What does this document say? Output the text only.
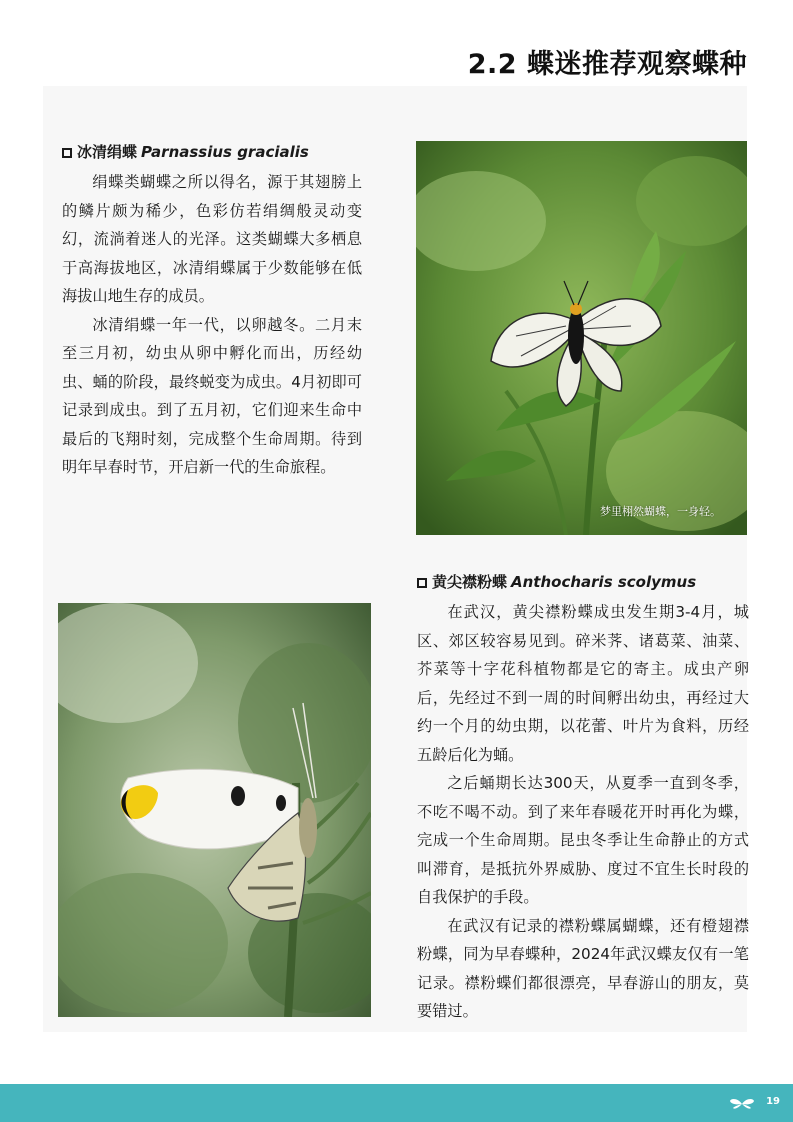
2.2 蝶迷推荐观察蝶种
冰清绢蝶 Parnassius gracialis

绢蝶类蝴蝶之所以得名，源于其翅膀上的鳞片颇为稀少，色彩仿若绢绸般灵动变幻，流淌着迷人的光泽。这类蝴蝶大多栖息于高海拔地区，冰清绢蝶属于少数能够在低海拔山地生存的成员。

冰清绢蝶一年一代，以卵越冬。二月末至三月初，幼虫从卵中孵化而出，历经幼虫、蛹的阶段，最终蜕变为成虫。4月初即可记录到成虫。到了五月初，它们迎来生命中最后的飞翔时刻，完成整个生命周期。待到明年早春时节，开启新一代的生命旅程。

梦里栩然蝴蝶，一身轻。
黄尖襟粉蝶 Anthocharis scolymus

在武汉，黄尖襟粉蝶成虫发生期3-4月，城区、郊区较容易见到。碎米荠、诸葛菜、油菜、芥菜等十字花科植物都是它的寄主。成虫产卵后，先经过不到一周的时间孵出幼虫，再经过大约一个月的幼虫期，以花蕾、叶片为食料，历经五龄后化为蛹。

之后蛹期长达300天，从夏季一直到冬季，不吃不喝不动。到了来年春暖花开时再化为蝶，完成一个生命周期。昆虫冬季让生命静止的方式叫滞育，是抵抗外界威胁、度过不宜生长时段的自我保护的手段。

在武汉有记录的襟粉蝶属蝴蝶，还有橙翅襟粉蝶，同为早春蝶种，2024年武汉蝶友仅有一笔记录。襟粉蝶们都很漂亮，早春游山的朋友，莫要错过。

19
